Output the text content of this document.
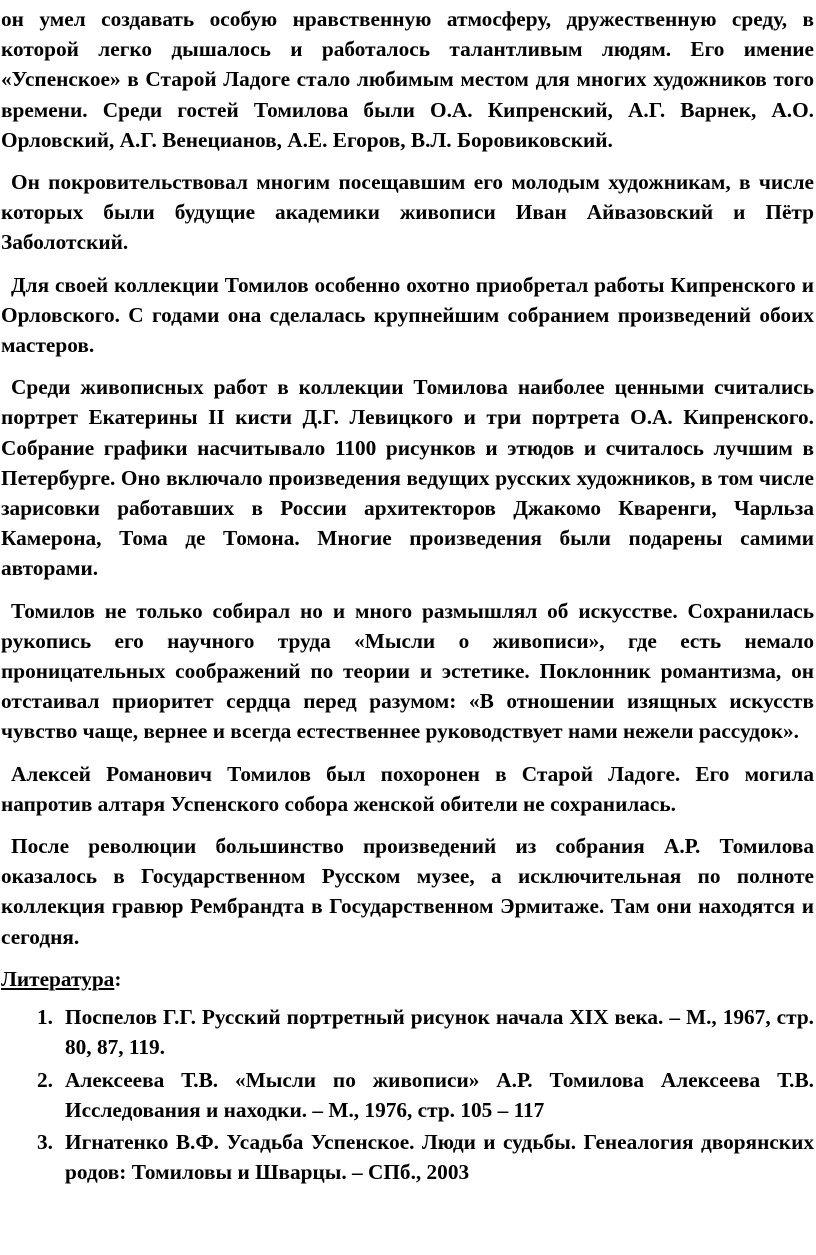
он умел создавать особую нравственную атмосферу, дружественную среду, в которой легко дышалось и работалось талантливым людям. Его имение «Успенское» в Старой Ладоге стало любимым местом для многих художников того времени. Среди гостей Томилова были О.А. Кипренский, А.Г. Варнек, А.О. Орловский, А.Г. Венецианов, А.Е. Егоров, В.Л. Боровиковский.

Он покровительствовал многим посещавшим его молодым художникам, в числе которых были будущие академики живописи Иван Айвазовский и Пётр Заболотский.

Для своей коллекции Томилов особенно охотно приобретал работы Кипренского и Орловского. С годами она сделалась крупнейшим собранием произведений обоих мастеров.

Среди живописных работ в коллекции Томилова наиболее ценными считались портрет Екатерины II кисти Д.Г. Левицкого и три портрета О.А. Кипренского. Собрание графики насчитывало 1100 рисунков и этюдов и считалось лучшим в Петербурге. Оно включало произведения ведущих русских художников, в том числе зарисовки работавших в России архитекторов Джакомо Кваренги, Чарльза Камерона, Тома де Томона. Многие произведения были подарены самими авторами.

Томилов не только собирал но и много размышлял об искусстве. Сохранилась рукопись его научного труда «Мысли о живописи», где есть немало проницательных соображений по теории и эстетике. Поклонник романтизма, он отстаивал приоритет сердца перед разумом: «В отношении изящных искусств чувство чаще, вернее и всегда естественнее руководствует нами нежели рассудок».

Алексей Романович Томилов был похоронен в Старой Ладоге. Его могила напротив алтаря Успенского собора женской обители не сохранилась.

После революции большинство произведений из собрания А.Р. Томилова оказалось в Государственном Русском музее, а исключительная по полноте коллекция гравюр Рембрандта в Государственном Эрмитаже. Там они находятся и сегодня.

Литература:

1. Поспелов Г.Г. Русский портретный рисунок начала XIX века. – М., 1967, стр. 80, 87, 119.
2. Алексеева Т.В. «Мысли по живописи» А.Р. Томилова Алексеева Т.В. Исследования и находки. – М., 1976, стр. 105 – 117
3. Игнатенко В.Ф. Усадьба Успенское. Люди и судьбы. Генеалогия дворянских родов: Томиловы и Шварцы. – СПб., 2003
